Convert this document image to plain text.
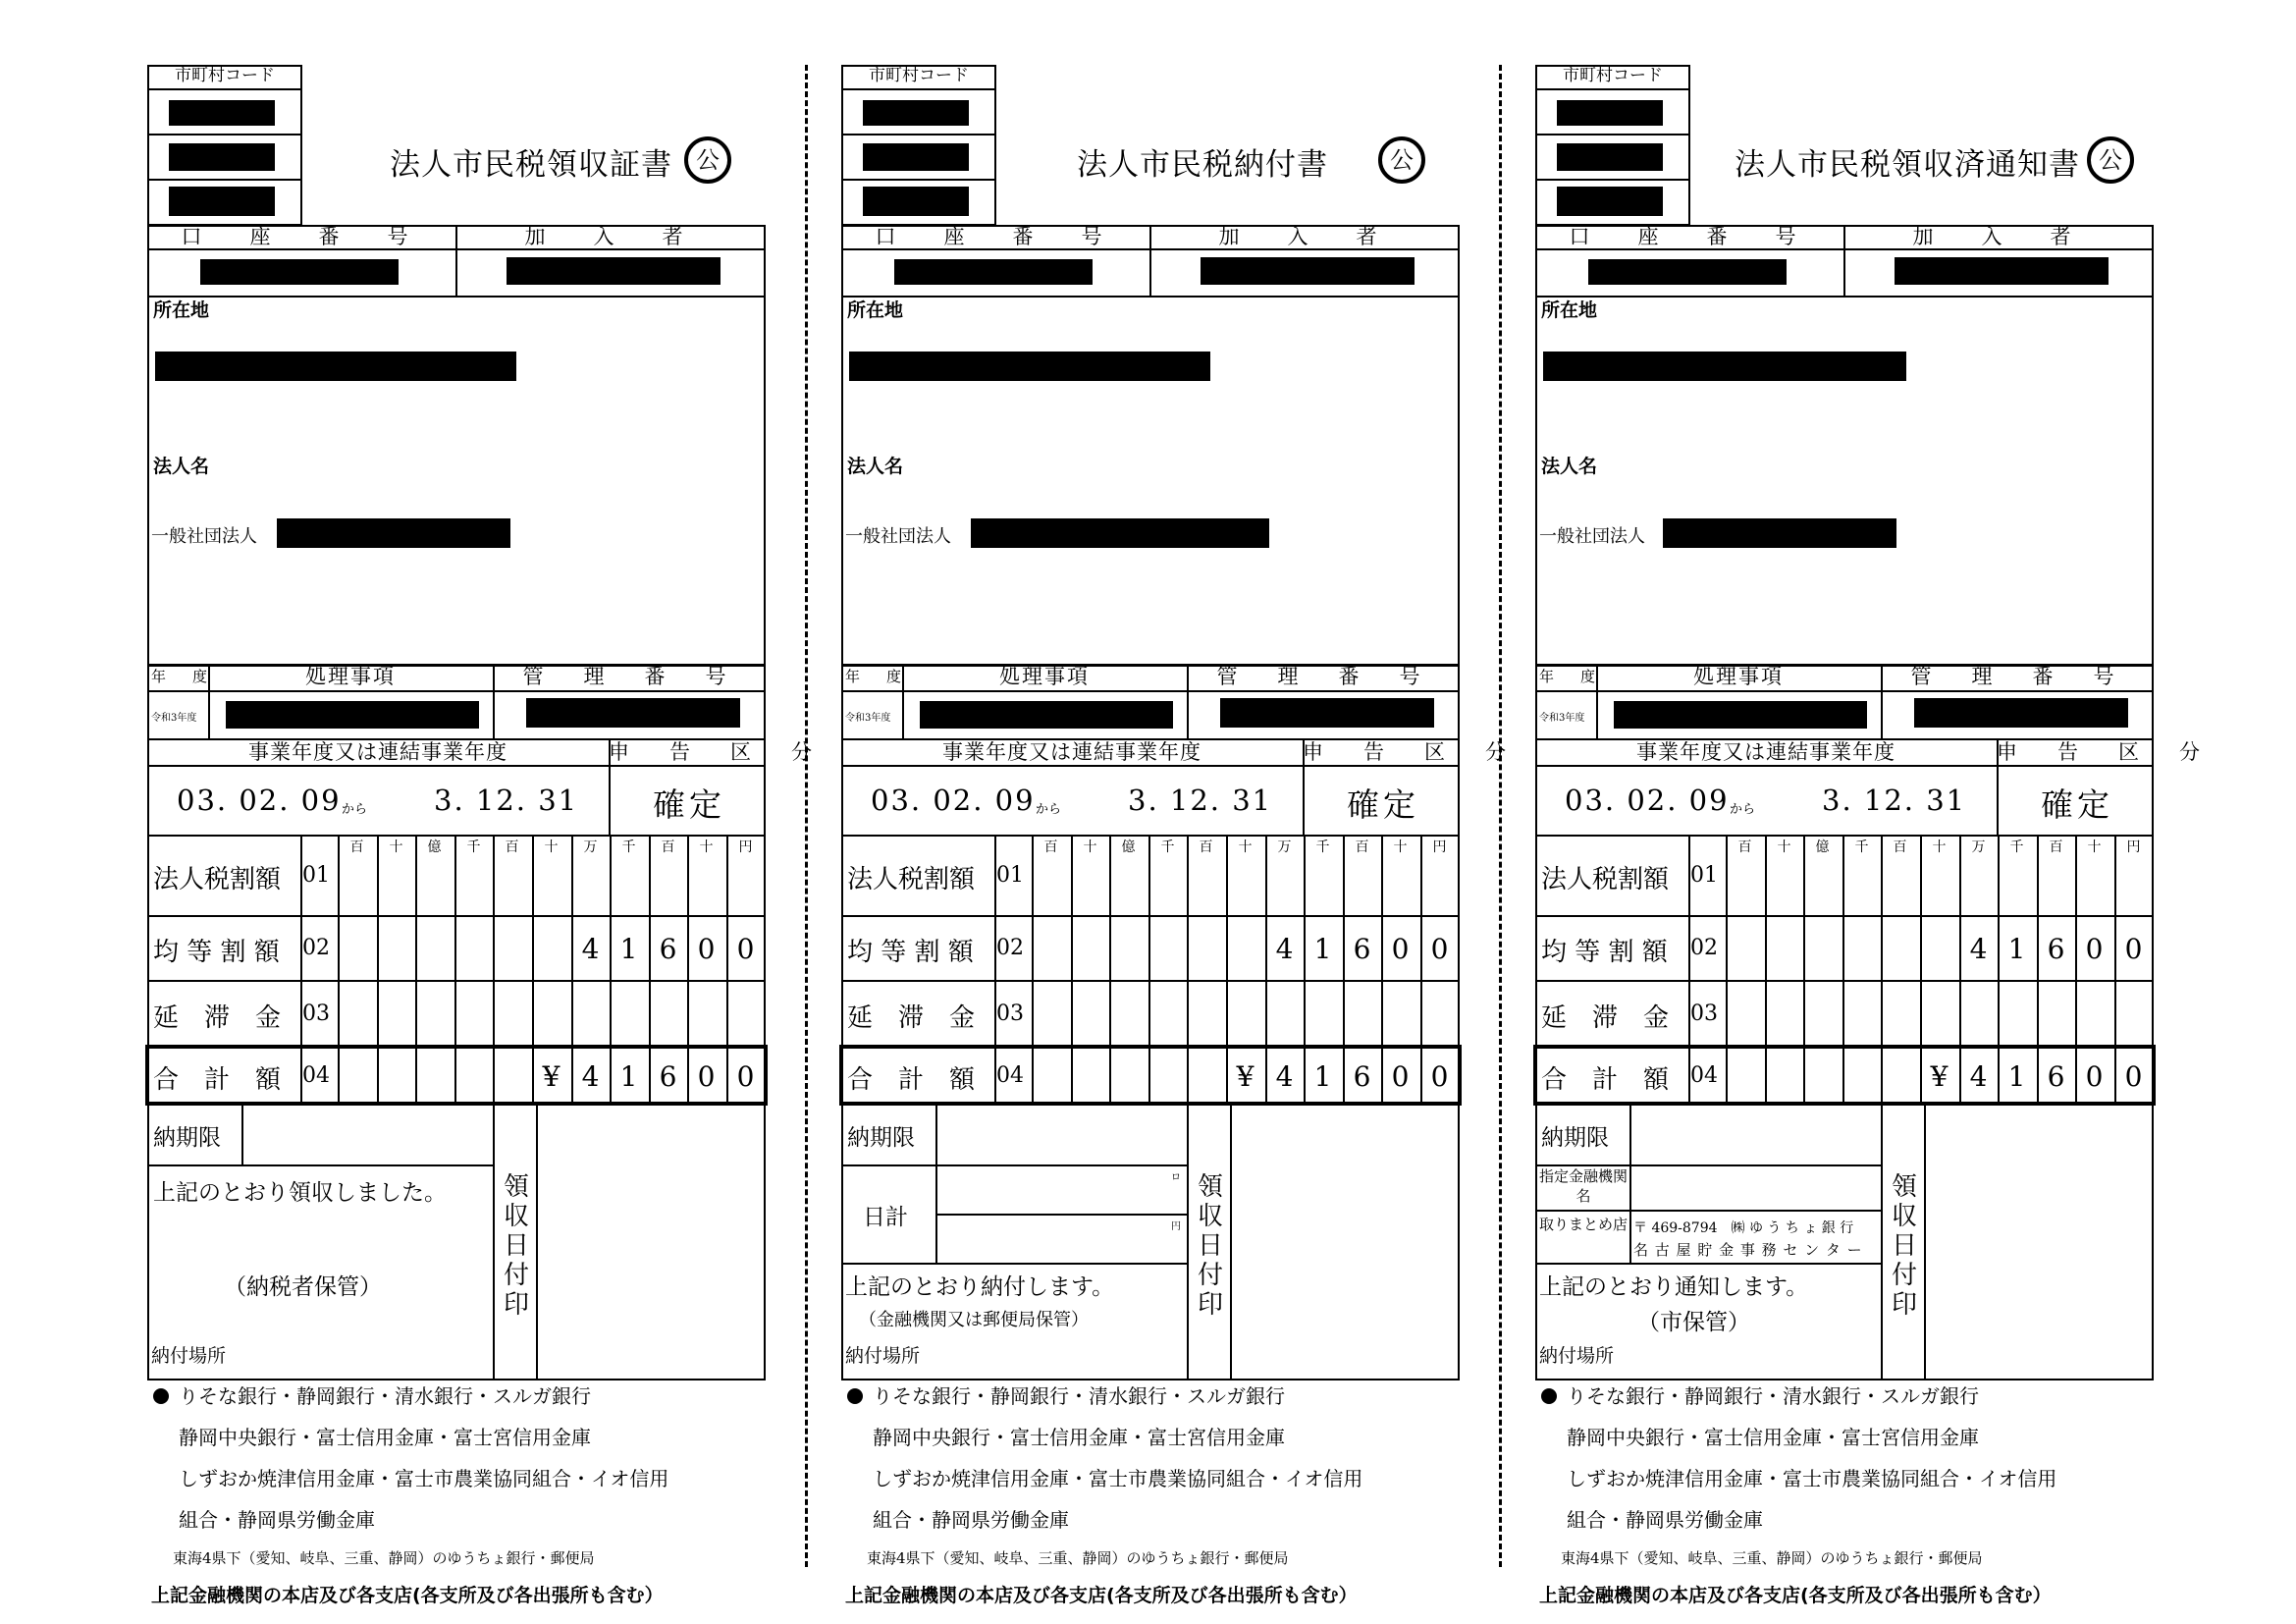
市町村コード
法人市民税領収証書	公
口　座　番　号	加　入　者
所在地
法人名
一般社団法人
年　度	処理事項	管　理　番　号
令和3年度
事業年度又は連結事業年度	申　告　区　分
03. 02. 09 から 3. 12. 31	確定
百	十	億	千	百	十	万	千	百	十	円
法人税割額 01
均 等 割 額 02	4 1 6 0 0
延　滞　金 03
合　計　額 04	¥ 4 1 6 0 0
納期限
領収日付印
上記のとおり領収しました。
（納税者保管）
納付場所
りそな銀行・静岡銀行・清水銀行・スルガ銀行
静岡中央銀行・富士信用金庫・富士宮信用金庫
しずおか焼津信用金庫・富士市農業協同組合・イオ信用
組合・静岡県労働金庫
東海4県下（愛知、岐阜、三重、静岡）のゆうちょ銀行・郵便局
上記金融機関の本店及び各支店(各支所及び各出張所も含む）
市町村コード
法人市民税納付書	公
口　座　番　号	加　入　者
所在地
法人名
一般社団法人
年　度	処理事項	管　理　番　号
令和3年度
事業年度又は連結事業年度	申　告　区　分
03. 02. 09 から 3. 12. 31	確定
百	十	億	千	百	十	万	千	百	十	円
法人税割額 01
均 等 割 額 02	4 1 6 0 0
延　滞　金 03
合　計　額 04	¥ 4 1 6 0 0
納期限
領収日付印
日計
ロ
円
上記のとおり納付します。
（金融機関又は郵便局保管）
納付場所
りそな銀行・静岡銀行・清水銀行・スルガ銀行
静岡中央銀行・富士信用金庫・富士宮信用金庫
しずおか焼津信用金庫・富士市農業協同組合・イオ信用
組合・静岡県労働金庫
東海4県下（愛知、岐阜、三重、静岡）のゆうちょ銀行・郵便局
上記金融機関の本店及び各支店(各支所及び各出張所も含む）
市町村コード
法人市民税領収済通知書 公
口　座　番　号	加　入　者
所在地
法人名
一般社団法人
年　度	処理事項	管　理　番　号
令和3年度
事業年度又は連結事業年度	申　告　区　分
03. 02. 09 から 3. 12. 31	確定
百	十	億	千	百	十	万	千	百	十	円
法人税割額 01
均 等 割 額 02	4 1 6 0 0
延　滞　金 03
合　計　額 04	¥ 4 1 6 0 0
納期限
領収日付印
指定金融機関名
取りまとめ店 〒 469-8794　㈱ ゆ う ち ょ 銀 行
名 古 屋 貯 金 事 務 セ ン タ ー
上記のとおり通知します。
（市保管）
納付場所
りそな銀行・静岡銀行・清水銀行・スルガ銀行
静岡中央銀行・富士信用金庫・富士宮信用金庫
しずおか焼津信用金庫・富士市農業協同組合・イオ信用
組合・静岡県労働金庫
東海4県下（愛知、岐阜、三重、静岡）のゆうちょ銀行・郵便局
上記金融機関の本店及び各支店(各支所及び各出張所も含む）
